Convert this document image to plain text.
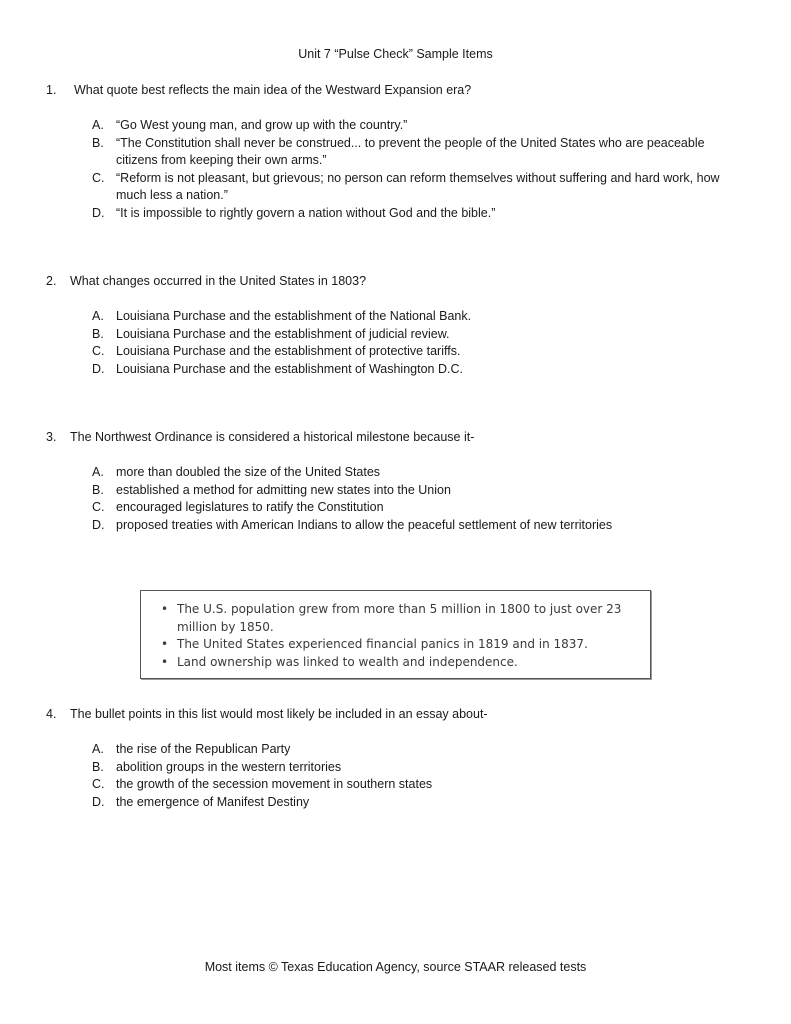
Unit 7 “Pulse Check” Sample Items
1. What quote best reflects the main idea of the Westward Expansion era?
A. “Go West young man, and grow up with the country.”
B. “The Constitution shall never be construed... to prevent the people of the United States who are peaceable citizens from keeping their own arms.”
C. “Reform is not pleasant, but grievous; no person can reform themselves without suffering and hard work, how much less a nation.”
D. “It is impossible to rightly govern a nation without God and the bible.”
2. What changes occurred in the United States in 1803?
A. Louisiana Purchase and the establishment of the National Bank.
B. Louisiana Purchase and the establishment of judicial review.
C. Louisiana Purchase and the establishment of protective tariffs.
D. Louisiana Purchase and the establishment of Washington D.C.
3. The Northwest Ordinance is considered a historical milestone because it-
A. more than doubled the size of the United States
B. established a method for admitting new states into the Union
C. encouraged legislatures to ratify the Constitution
D. proposed treaties with American Indians to allow the peaceful settlement of new territories
• The U.S. population grew from more than 5 million in 1800 to just over 23 million by 1850.
• The United States experienced financial panics in 1819 and in 1837.
• Land ownership was linked to wealth and independence.
4. The bullet points in this list would most likely be included in an essay about-
A. the rise of the Republican Party
B. abolition groups in the western territories
C. the growth of the secession movement in southern states
D. the emergence of Manifest Destiny
Most items © Texas Education Agency, source STAAR released tests
